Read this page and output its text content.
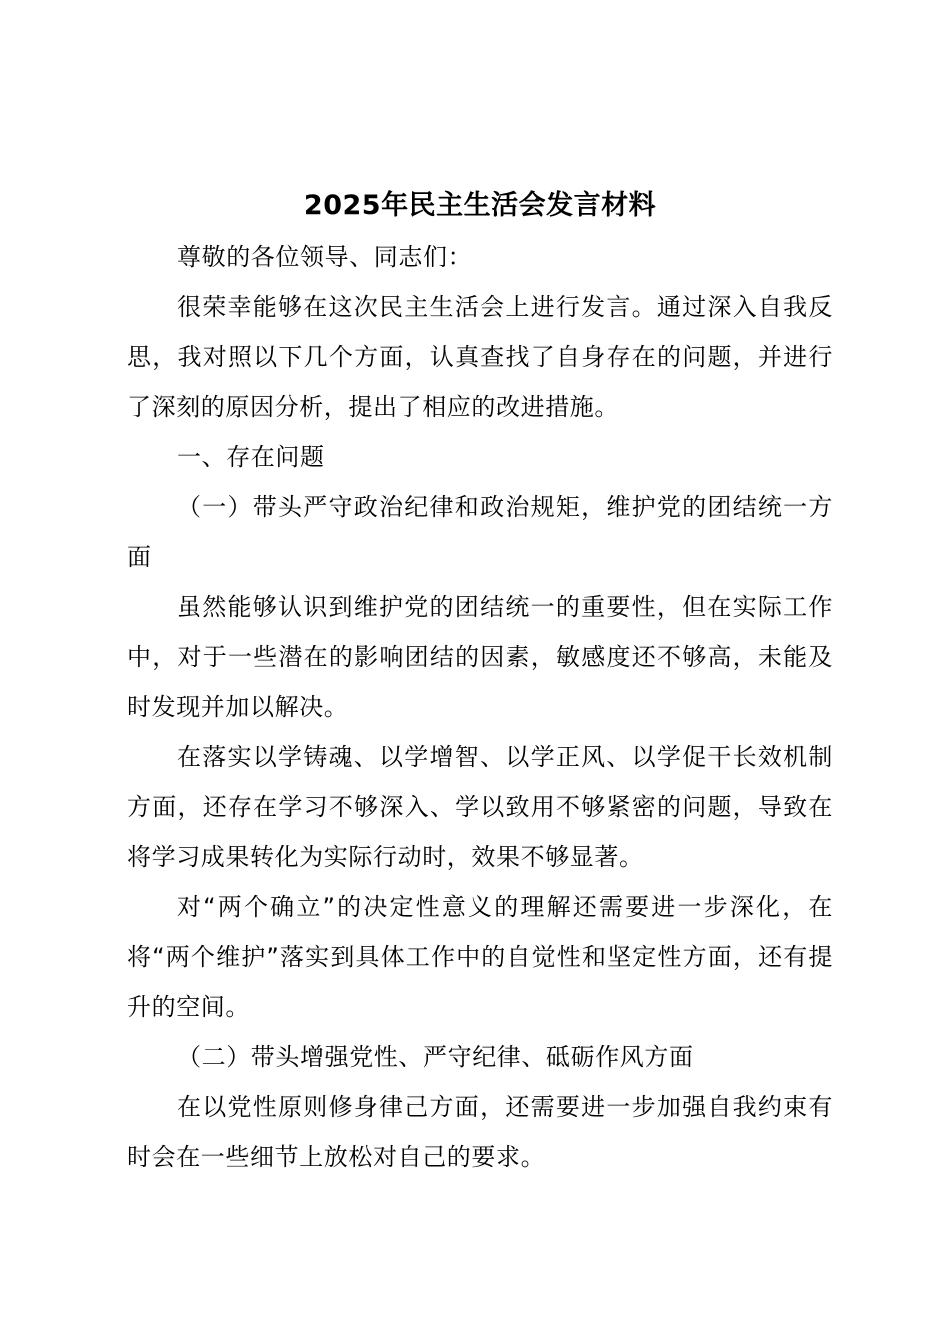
2025年民主生活会发言材料

尊敬的各位领导、同志们：

很荣幸能够在这次民主生活会上进行发言。通过深入自我反思，我对照以下几个方面，认真查找了自身存在的问题，并进行了深刻的原因分析，提出了相应的改进措施。

一、存在问题

（一）带头严守政治纪律和政治规矩，维护党的团结统一方面

虽然能够认识到维护党的团结统一的重要性，但在实际工作中，对于一些潜在的影响团结的因素，敏感度还不够高，未能及时发现并加以解决。

在落实以学铸魂、以学增智、以学正风、以学促干长效机制方面，还存在学习不够深入、学以致用不够紧密的问题，导致在将学习成果转化为实际行动时，效果不够显著。

对“两个确立”的决定性意义的理解还需要进一步深化，在将“两个维护”落实到具体工作中的自觉性和坚定性方面，还有提升的空间。

（二）带头增强党性、严守纪律、砥砺作风方面

在以党性原则修身律己方面，还需要进一步加强自我约束有时会在一些细节上放松对自己的要求。
